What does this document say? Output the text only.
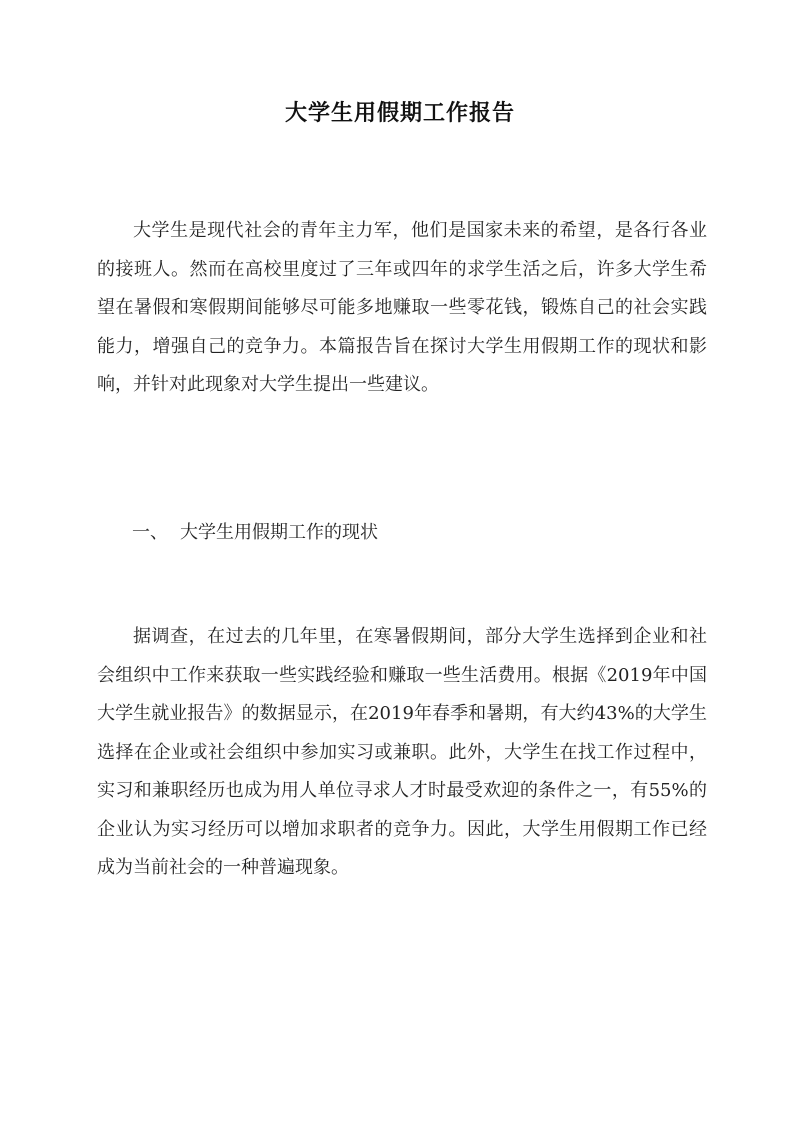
大学生用假期工作报告

大学生是现代社会的青年主力军，他们是国家未来的希望，是各行各业的接班人。然而在高校里度过了三年或四年的求学生活之后，许多大学生希望在暑假和寒假期间能够尽可能多地赚取一些零花钱，锻炼自己的社会实践能力，增强自己的竞争力。本篇报告旨在探讨大学生用假期工作的现状和影响，并针对此现象对大学生提出一些建议。

一、 大学生用假期工作的现状

据调查，在过去的几年里，在寒暑假期间，部分大学生选择到企业和社会组织中工作来获取一些实践经验和赚取一些生活费用。根据《2019年中国大学生就业报告》的数据显示，在2019年春季和暑期，有大约43%的大学生选择在企业或社会组织中参加实习或兼职。此外，大学生在找工作过程中，实习和兼职经历也成为用人单位寻求人才时最受欢迎的条件之一，有55%的企业认为实习经历可以增加求职者的竞争力。因此，大学生用假期工作已经成为当前社会的一种普遍现象。
